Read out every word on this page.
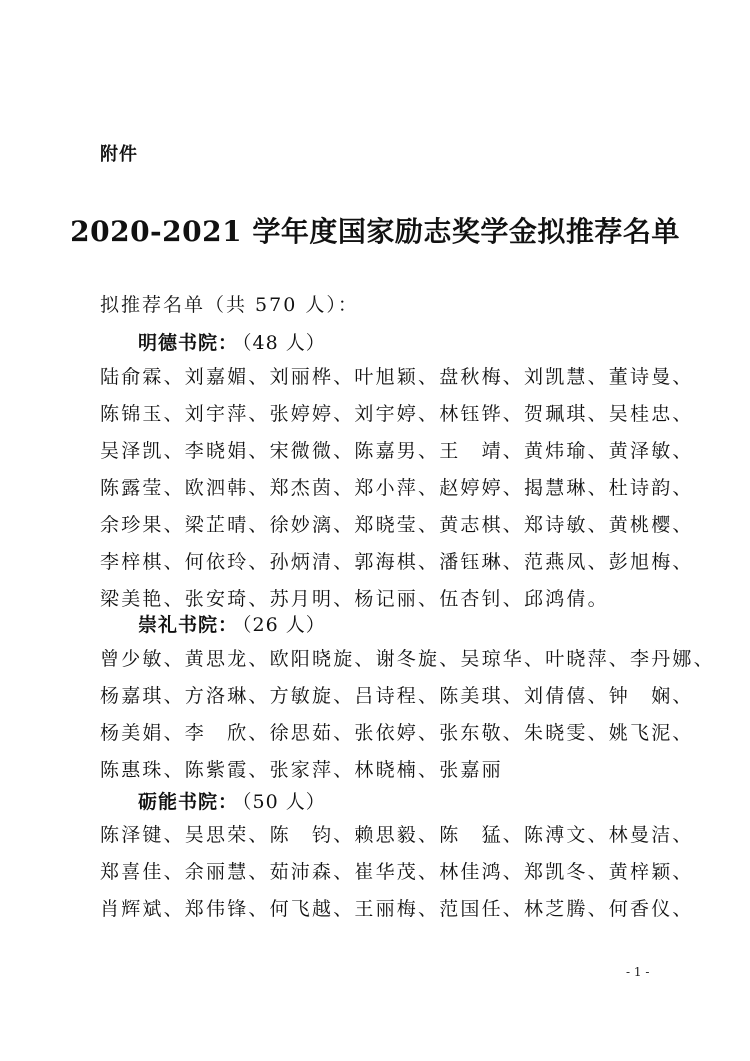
附件
2020-2021 学年度国家励志奖学金拟推荐名单
拟推荐名单（共 570 人）：
明德书院： （48 人）
陆俞霖、刘嘉媚、刘丽桦、叶旭颖、盘秋梅、刘凯慧、董诗曼、
陈锦玉、刘宇萍、张婷婷、刘宇婷、林钰铧、贺珮琪、吴桂忠、
吴泽凯、李晓娟、宋微微、陈嘉男、王　靖、黄炜瑜、黄泽敏、
陈露莹、欧泗韩、郑杰茵、郑小萍、赵婷婷、揭慧琳、杜诗韵、
余珍果、梁芷晴、徐妙漓、郑晓莹、黄志棋、郑诗敏、黄桃樱、
李梓棋、何依玲、孙炳清、郭海棋、潘钰琳、范燕凤、彭旭梅、
梁美艳、张安琦、苏月明、杨记丽、伍杏钊、邱鸿倩。
崇礼书院： （26 人）
曾少敏、黄思龙、欧阳晓旋、谢冬旋、吴琼华、叶晓萍、李丹娜、
杨嘉琪、方洛琳、方敏旋、吕诗程、陈美琪、刘倩僖、钟　娴、
杨美娟、李　欣、徐思茹、张依婷、张东敬、朱晓雯、姚飞泥、
陈惠珠、陈紫霞、张家萍、林晓楠、张嘉丽
砺能书院： （50 人）
陈泽键、吴思荣、陈　钧、赖思毅、陈　猛、陈溥文、林曼洁、
郑喜佳、余丽慧、茹沛森、崔华茂、林佳鸿、郑凯冬、黄梓颖、
肖辉斌、郑伟锋、何飞越、王丽梅、范国任、林芝腾、何香仪、
- 1 -
